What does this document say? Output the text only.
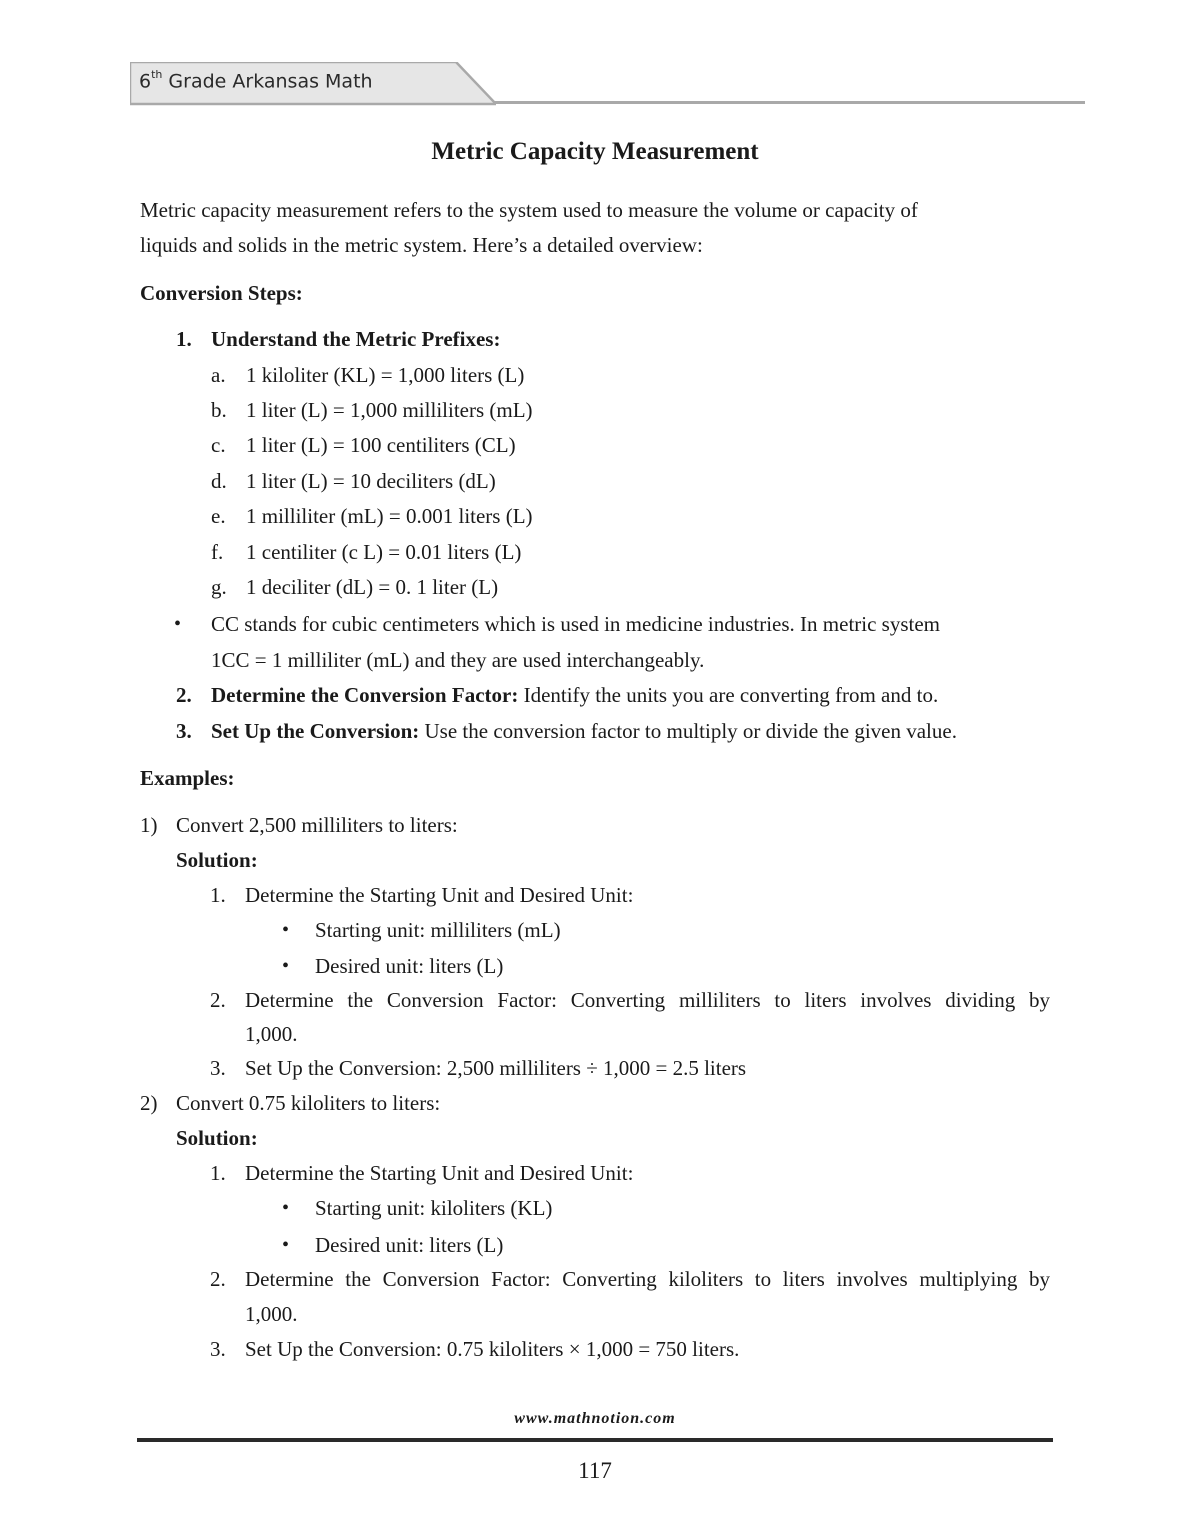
6th Grade Arkansas Math
Metric Capacity Measurement
Metric capacity measurement refers to the system used to measure the volume or capacity of
liquids and solids in the metric system. Here’s a detailed overview:
Conversion Steps:
1. Understand the Metric Prefixes:
a. 1 kiloliter (KL) = 1,000 liters (L)
b. 1 liter (L) = 1,000 milliliters (mL)
c. 1 liter (L) = 100 centiliters (CL)
d. 1 liter (L) = 10 deciliters (dL)
e. 1 milliliter (mL) = 0.001 liters (L)
f. 1 centiliter (c L) = 0.01 liters (L)
g. 1 deciliter (dL) = 0. 1 liter (L)
• CC stands for cubic centimeters which is used in medicine industries. In metric system
1CC = 1 milliliter (mL) and they are used interchangeably.
2. Determine the Conversion Factor: Identify the units you are converting from and to.
3. Set Up the Conversion: Use the conversion factor to multiply or divide the given value.
Examples:
1) Convert 2,500 milliliters to liters:
Solution:
1. Determine the Starting Unit and Desired Unit:
• Starting unit: milliliters (mL)
• Desired unit: liters (L)
2. Determine the Conversion Factor: Converting milliliters to liters involves dividing by
1,000.
3. Set Up the Conversion: 2,500 milliliters ÷ 1,000 = 2.5 liters
2) Convert 0.75 kiloliters to liters:
Solution:
1. Determine the Starting Unit and Desired Unit:
• Starting unit: kiloliters (KL)
• Desired unit: liters (L)
2. Determine the Conversion Factor: Converting kiloliters to liters involves multiplying by
1,000.
3. Set Up the Conversion: 0.75 kiloliters × 1,000 = 750 liters.
www.mathnotion.com
117
